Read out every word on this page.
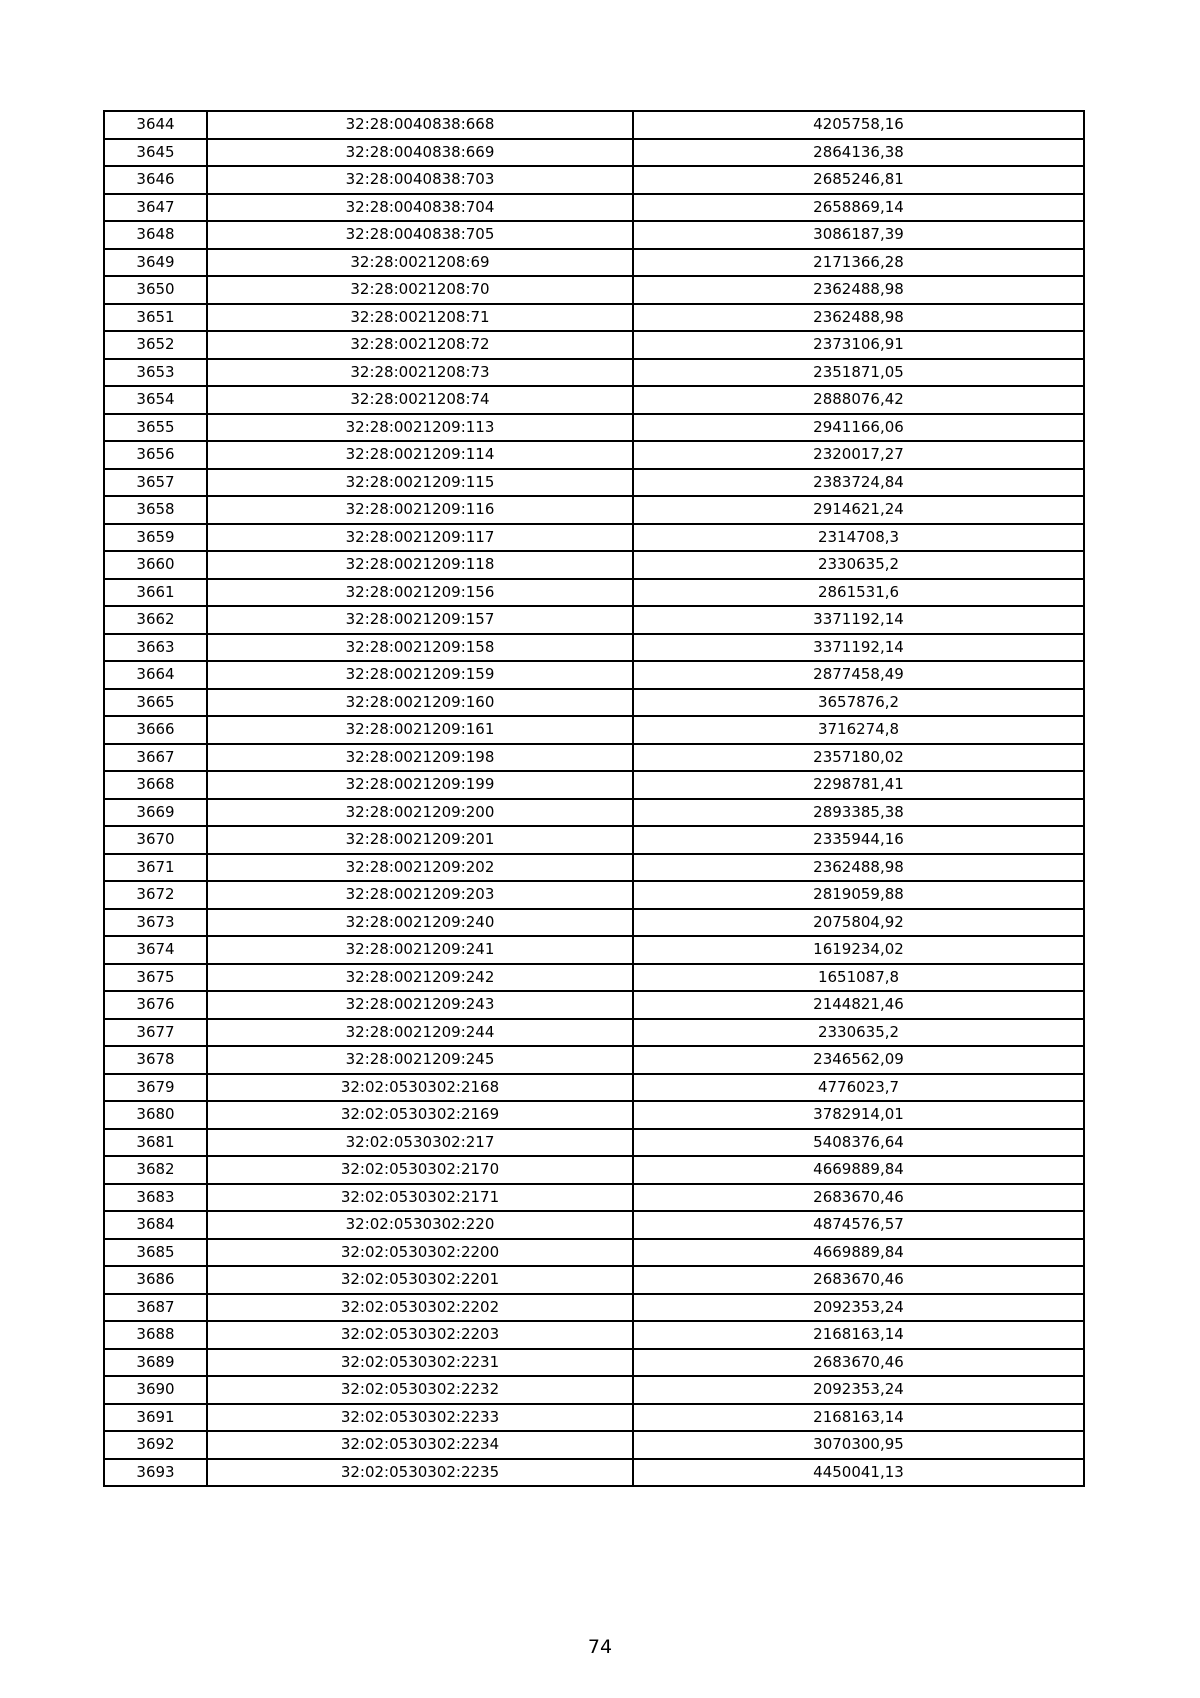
3644	32:28:0040838:668	4205758,16
3645	32:28:0040838:669	2864136,38
3646	32:28:0040838:703	2685246,81
3647	32:28:0040838:704	2658869,14
3648	32:28:0040838:705	3086187,39
3649	32:28:0021208:69	2171366,28
3650	32:28:0021208:70	2362488,98
3651	32:28:0021208:71	2362488,98
3652	32:28:0021208:72	2373106,91
3653	32:28:0021208:73	2351871,05
3654	32:28:0021208:74	2888076,42
3655	32:28:0021209:113	2941166,06
3656	32:28:0021209:114	2320017,27
3657	32:28:0021209:115	2383724,84
3658	32:28:0021209:116	2914621,24
3659	32:28:0021209:117	2314708,3
3660	32:28:0021209:118	2330635,2
3661	32:28:0021209:156	2861531,6
3662	32:28:0021209:157	3371192,14
3663	32:28:0021209:158	3371192,14
3664	32:28:0021209:159	2877458,49
3665	32:28:0021209:160	3657876,2
3666	32:28:0021209:161	3716274,8
3667	32:28:0021209:198	2357180,02
3668	32:28:0021209:199	2298781,41
3669	32:28:0021209:200	2893385,38
3670	32:28:0021209:201	2335944,16
3671	32:28:0021209:202	2362488,98
3672	32:28:0021209:203	2819059,88
3673	32:28:0021209:240	2075804,92
3674	32:28:0021209:241	1619234,02
3675	32:28:0021209:242	1651087,8
3676	32:28:0021209:243	2144821,46
3677	32:28:0021209:244	2330635,2
3678	32:28:0021209:245	2346562,09
3679	32:02:0530302:2168	4776023,7
3680	32:02:0530302:2169	3782914,01
3681	32:02:0530302:217	5408376,64
3682	32:02:0530302:2170	4669889,84
3683	32:02:0530302:2171	2683670,46
3684	32:02:0530302:220	4874576,57
3685	32:02:0530302:2200	4669889,84
3686	32:02:0530302:2201	2683670,46
3687	32:02:0530302:2202	2092353,24
3688	32:02:0530302:2203	2168163,14
3689	32:02:0530302:2231	2683670,46
3690	32:02:0530302:2232	2092353,24
3691	32:02:0530302:2233	2168163,14
3692	32:02:0530302:2234	3070300,95
3693	32:02:0530302:2235	4450041,13
74
